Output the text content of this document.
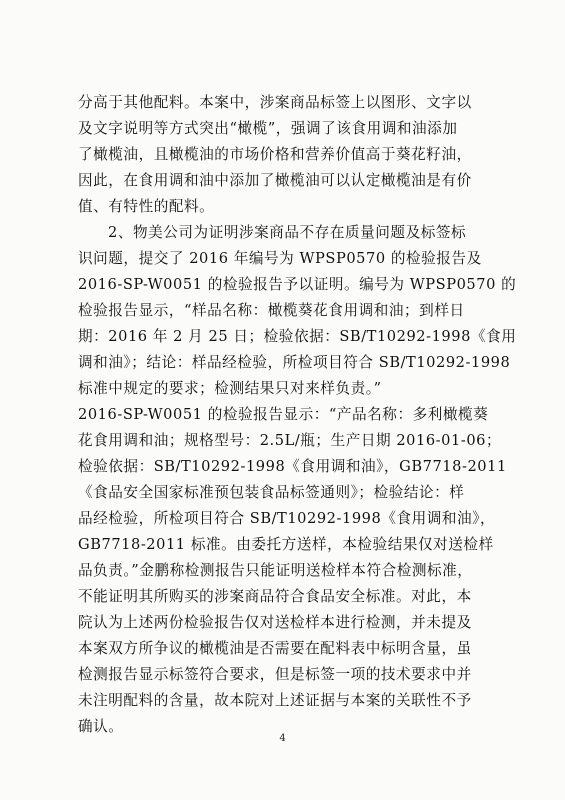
分高于其他配料。本案中，涉案商品标签上以图形、文字以
及文字说明等方式突出“橄榄”，强调了该食用调和油添加
了橄榄油，且橄榄油的市场价格和营养价值高于葵花籽油，
因此，在食用调和油中添加了橄榄油可以认定橄榄油是有价
值、有特性的配料。
2、物美公司为证明涉案商品不存在质量问题及标签标
识问题，提交了 2016 年编号为 WPSP0570 的检验报告及
2016-SP-W0051 的检验报告予以证明。编号为 WPSP0570 的
检验报告显示，“样品名称：橄榄葵花食用调和油；到样日
期：2016 年 2 月 25 日；检验依据：SB/T10292-1998《食用
调和油》；结论：样品经检验，所检项目符合 SB/T10292-1998
标准中规定的要求；检测结果只对来样负责。”
2016-SP-W0051 的检验报告显示：“产品名称：多利橄榄葵
花食用调和油；规格型号：2.5L/瓶；生产日期 2016-01-06；
检验依据：SB/T10292-1998《食用调和油》，GB7718-2011
《食品安全国家标准预包装食品标签通则》；检验结论：样
品经检验，所检项目符合 SB/T10292-1998《食用调和油》，
GB7718-2011 标准。由委托方送样，本检验结果仅对送检样
品负责。”金鹏称检测报告只能证明送检样本符合检测标准，
不能证明其所购买的涉案商品符合食品安全标准。对此，本
院认为上述两份检验报告仅对送检样本进行检测，并未提及
本案双方所争议的橄榄油是否需要在配料表中标明含量，虽
检测报告显示标签符合要求，但是标签一项的技术要求中并
未注明配料的含量，故本院对上述证据与本案的关联性不予
确认。
4
